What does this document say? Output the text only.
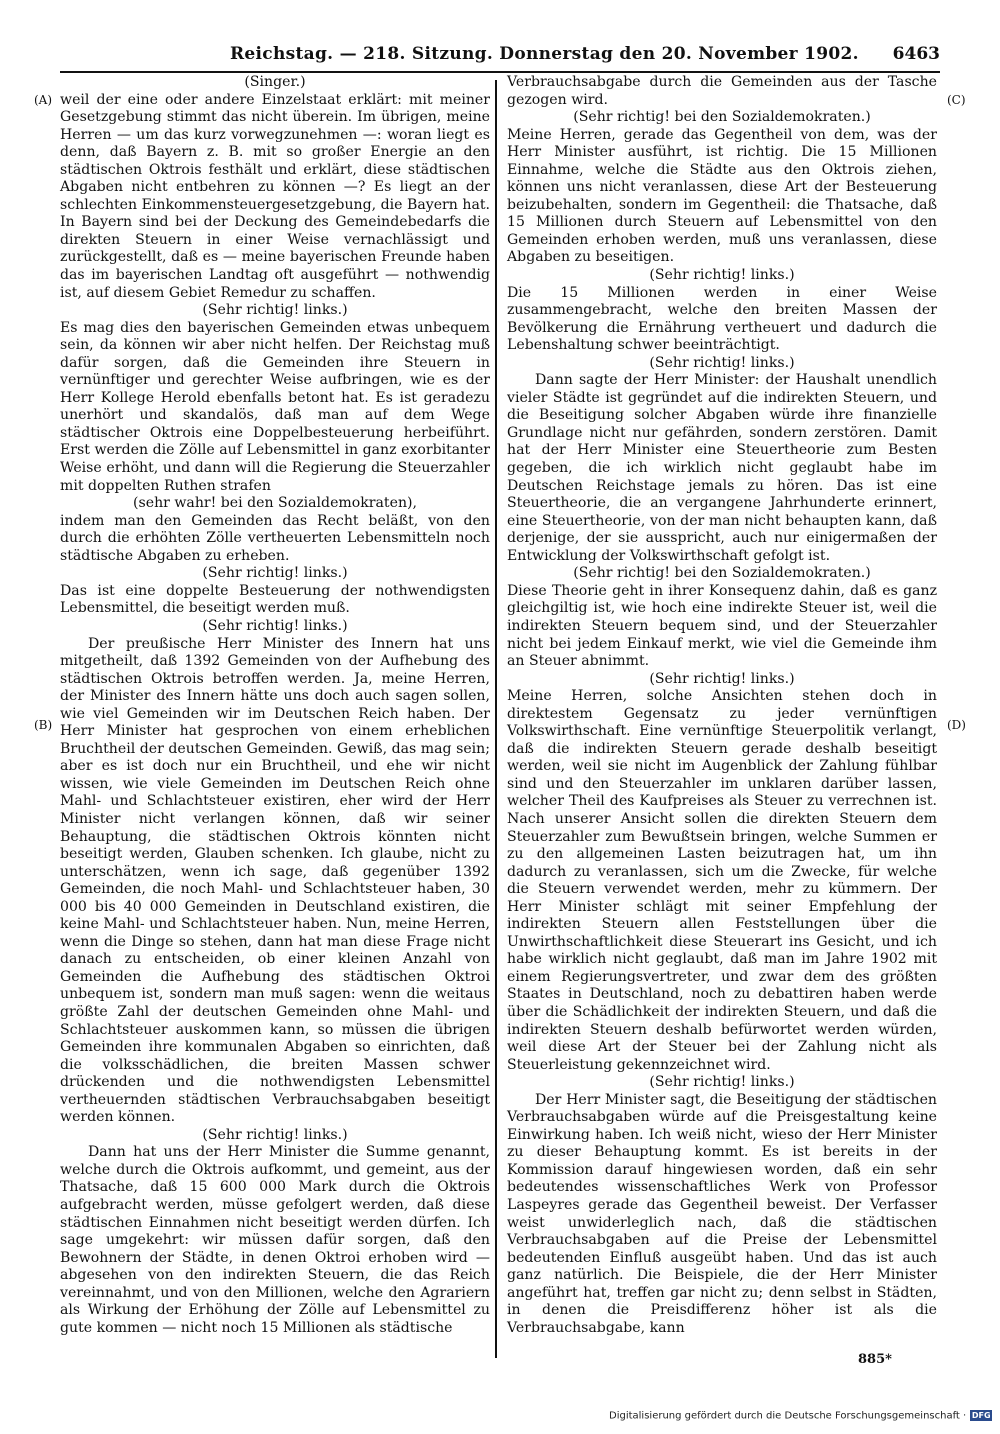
Reichstag. — 218. Sitzung. Donnerstag den 20. November 1902. 6463
(A)
(B)
(C)
(D)

(Singer.)

weil der eine oder andere Einzelstaat erklärt: mit meiner Gesetzgebung stimmt das nicht überein. Im übrigen, meine Herren — um das kurz vorwegzunehmen —: woran liegt es denn, daß Bayern z. B. mit so großer Energie an den städtischen Oktrois festhält und erklärt, diese städtischen Abgaben nicht entbehren zu können —? Es liegt an der schlechten Einkommensteuergesetzgebung, die Bayern hat. In Bayern sind bei der Deckung des Gemeindebedarfs die direkten Steuern in einer Weise vernachlässigt und zurückgestellt, daß es — meine bayerischen Freunde haben das im bayerischen Landtag oft ausgeführt — nothwendig ist, auf diesem Gebiet Remedur zu schaffen.

(Sehr richtig! links.)

Es mag dies den bayerischen Gemeinden etwas unbequem sein, da können wir aber nicht helfen. Der Reichstag muß dafür sorgen, daß die Gemeinden ihre Steuern in vernünftiger und gerechter Weise aufbringen, wie es der Herr Kollege Herold ebenfalls betont hat. Es ist geradezu unerhört und skandalös, daß man auf dem Wege städtischer Oktrois eine Doppelbesteuerung herbeiführt. Erst werden die Zölle auf Lebensmittel in ganz exorbitanter Weise erhöht, und dann will die Regierung die Steuerzahler mit doppelten Ruthen strafen

(sehr wahr! bei den Sozialdemokraten),

indem man den Gemeinden das Recht beläßt, von den durch die erhöhten Zölle vertheuerten Lebensmitteln noch städtische Abgaben zu erheben.

(Sehr richtig! links.)

Das ist eine doppelte Besteuerung der nothwendigsten Lebensmittel, die beseitigt werden muß.

(Sehr richtig! links.)

Der preußische Herr Minister des Innern hat uns mitgetheilt, daß 1392 Gemeinden von der Aufhebung des städtischen Oktrois betroffen werden. Ja, meine Herren, der Minister des Innern hätte uns doch auch sagen sollen, wie viel Gemeinden wir im Deutschen Reich haben. Der Herr Minister hat gesprochen von einem erheblichen Bruchtheil der deutschen Gemeinden. Gewiß, das mag sein; aber es ist doch nur ein Bruchtheil, und ehe wir nicht wissen, wie viele Gemeinden im Deutschen Reich ohne Mahl- und Schlachtsteuer existiren, eher wird der Herr Minister nicht verlangen können, daß wir seiner Behauptung, die städtischen Oktrois könnten nicht beseitigt werden, Glauben schenken. Ich glaube, nicht zu unterschätzen, wenn ich sage, daß gegenüber 1392 Gemeinden, die noch Mahl- und Schlachtsteuer haben, 30 000 bis 40 000 Gemeinden in Deutschland existiren, die keine Mahl- und Schlachtsteuer haben. Nun, meine Herren, wenn die Dinge so stehen, dann hat man diese Frage nicht danach zu entscheiden, ob einer kleinen Anzahl von Gemeinden die Aufhebung des städtischen Oktroi unbequem ist, sondern man muß sagen: wenn die weitaus größte Zahl der deutschen Gemeinden ohne Mahl- und Schlachtsteuer auskommen kann, so müssen die übrigen Gemeinden ihre kommunalen Abgaben so einrichten, daß die volksschädlichen, die breiten Massen schwer drückenden und die nothwendigsten Lebensmittel vertheuernden städtischen Verbrauchsabgaben beseitigt werden können.

(Sehr richtig! links.)

Dann hat uns der Herr Minister die Summe genannt, welche durch die Oktrois aufkommt, und gemeint, aus der Thatsache, daß 15 600 000 Mark durch die Oktrois aufgebracht werden, müsse gefolgert werden, daß diese städtischen Einnahmen nicht beseitigt werden dürfen. Ich sage umgekehrt: wir müssen dafür sorgen, daß den Bewohnern der Städte, in denen Oktroi erhoben wird — abgesehen von den indirekten Steuern, die das Reich vereinnahmt, und von den Millionen, welche den Agrariern als Wirkung der Erhöhung der Zölle auf Lebensmittel zu gute kommen — nicht noch 15 Millionen als städtische

Verbrauchsabgabe durch die Gemeinden aus der Tasche gezogen wird.

(Sehr richtig! bei den Sozialdemokraten.)

Meine Herren, gerade das Gegentheil von dem, was der Herr Minister ausführt, ist richtig. Die 15 Millionen Einnahme, welche die Städte aus den Oktrois ziehen, können uns nicht veranlassen, diese Art der Besteuerung beizubehalten, sondern im Gegentheil: die Thatsache, daß 15 Millionen durch Steuern auf Lebensmittel von den Gemeinden erhoben werden, muß uns veranlassen, diese Abgaben zu beseitigen.

(Sehr richtig! links.)

Die 15 Millionen werden in einer Weise zusammengebracht, welche den breiten Massen der Bevölkerung die Ernährung vertheuert und dadurch die Lebenshaltung schwer beeinträchtigt.

(Sehr richtig! links.)

Dann sagte der Herr Minister: der Haushalt unendlich vieler Städte ist gegründet auf die indirekten Steuern, und die Beseitigung solcher Abgaben würde ihre finanzielle Grundlage nicht nur gefährden, sondern zerstören. Damit hat der Herr Minister eine Steuertheorie zum Besten gegeben, die ich wirklich nicht geglaubt habe im Deutschen Reichstage jemals zu hören. Das ist eine Steuertheorie, die an vergangene Jahrhunderte erinnert, eine Steuertheorie, von der man nicht behaupten kann, daß derjenige, der sie ausspricht, auch nur einigermaßen der Entwicklung der Volkswirthschaft gefolgt ist.

(Sehr richtig! bei den Sozialdemokraten.)

Diese Theorie geht in ihrer Konsequenz dahin, daß es ganz gleichgiltig ist, wie hoch eine indirekte Steuer ist, weil die indirekten Steuern bequem sind, und der Steuerzahler nicht bei jedem Einkauf merkt, wie viel die Gemeinde ihm an Steuer abnimmt.

(Sehr richtig! links.)

Meine Herren, solche Ansichten stehen doch in direktestem Gegensatz zu jeder vernünftigen Volkswirthschaft. Eine vernünftige Steuerpolitik verlangt, daß die indirekten Steuern gerade deshalb beseitigt werden, weil sie nicht im Augenblick der Zahlung fühlbar sind und den Steuerzahler im unklaren darüber lassen, welcher Theil des Kaufpreises als Steuer zu verrechnen ist. Nach unserer Ansicht sollen die direkten Steuern dem Steuerzahler zum Bewußtsein bringen, welche Summen er zu den allgemeinen Lasten beizutragen hat, um ihn dadurch zu veranlassen, sich um die Zwecke, für welche die Steuern verwendet werden, mehr zu kümmern. Der Herr Minister schlägt mit seiner Empfehlung der indirekten Steuern allen Feststellungen über die Unwirthschaftlichkeit diese Steuerart ins Gesicht, und ich habe wirklich nicht geglaubt, daß man im Jahre 1902 mit einem Regierungsvertreter, und zwar dem des größten Staates in Deutschland, noch zu debattiren haben werde über die Schädlichkeit der indirekten Steuern, und daß die indirekten Steuern deshalb befürwortet werden würden, weil diese Art der Steuer bei der Zahlung nicht als Steuerleistung gekennzeichnet wird.

(Sehr richtig! links.)

Der Herr Minister sagt, die Beseitigung der städtischen Verbrauchsabgaben würde auf die Preisgestaltung keine Einwirkung haben. Ich weiß nicht, wieso der Herr Minister zu dieser Behauptung kommt. Es ist bereits in der Kommission darauf hingewiesen worden, daß ein sehr bedeutendes wissenschaftliches Werk von Professor Laspeyres gerade das Gegentheil beweist. Der Verfasser weist unwiderleglich nach, daß die städtischen Verbrauchsabgaben auf die Preise der Lebensmittel bedeutenden Einfluß ausgeübt haben. Und das ist auch ganz natürlich. Die Beispiele, die der Herr Minister angeführt hat, treffen gar nicht zu; denn selbst in Städten, in denen die Preisdifferenz höher ist als die Verbrauchsabgabe, kann

885*
Digitalisierung gefördert durch die Deutsche Forschungsgemeinschaft · DFG
